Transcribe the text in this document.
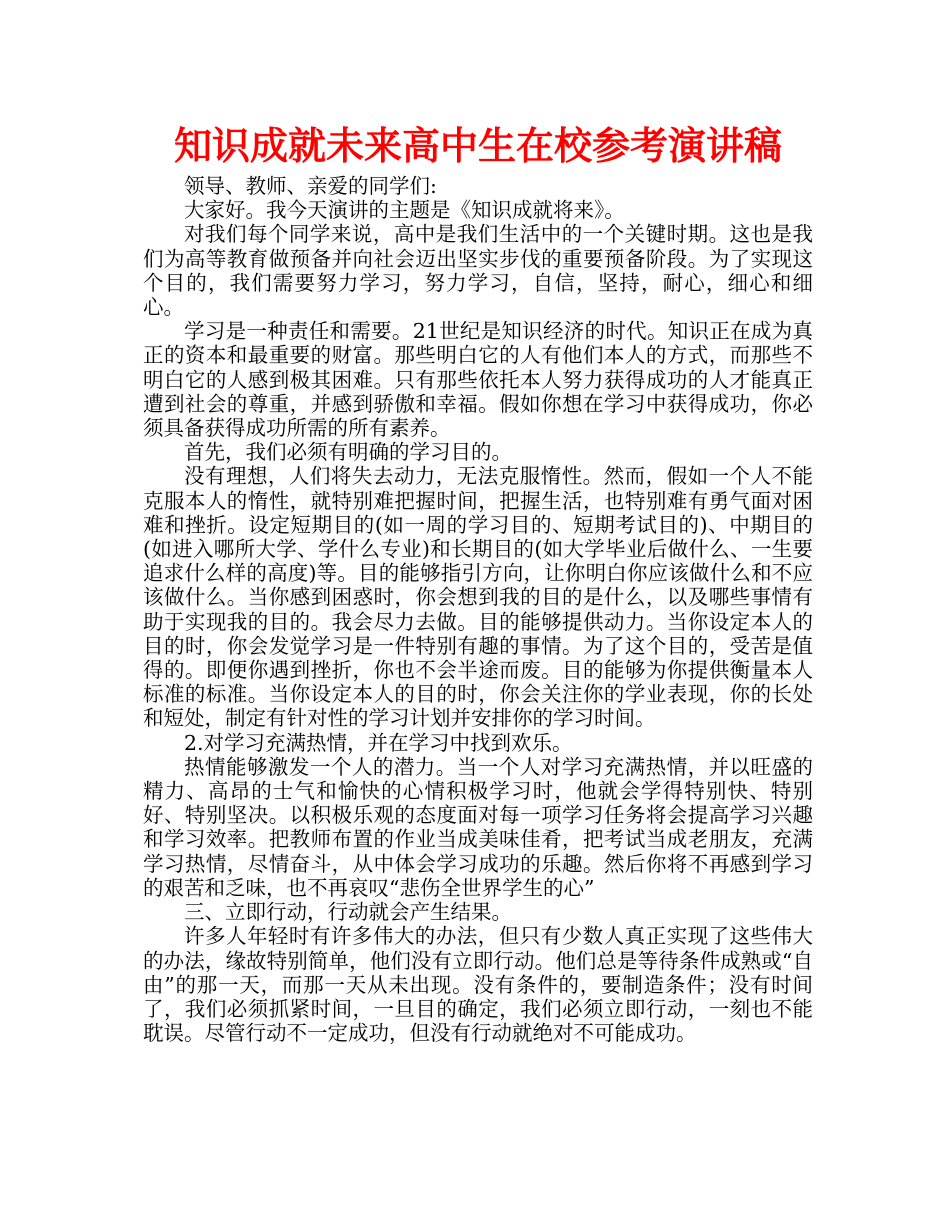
知识成就未来高中生在校参考演讲稿

领导、教师、亲爱的同学们:

大家好。我今天演讲的主题是《知识成就将来》。

对我们每个同学来说，高中是我们生活中的一个关键时期。这也是我们为高等教育做预备并向社会迈出坚实步伐的重要预备阶段。为了实现这个目的，我们需要努力学习，努力学习，自信，坚持，耐心，细心和细心。

学习是一种责任和需要。21世纪是知识经济的时代。知识正在成为真正的资本和最重要的财富。那些明白它的人有他们本人的方式，而那些不明白它的人感到极其困难。只有那些依托本人努力获得成功的人才能真正遭到社会的尊重，并感到骄傲和幸福。假如你想在学习中获得成功，你必须具备获得成功所需的所有素养。

首先，我们必须有明确的学习目的。

没有理想，人们将失去动力，无法克服惰性。然而，假如一个人不能克服本人的惰性，就特别难把握时间，把握生活，也特别难有勇气面对困难和挫折。设定短期目的(如一周的学习目的、短期考试目的)、中期目的(如进入哪所大学、学什么专业)和长期目的(如大学毕业后做什么、一生要追求什么样的高度)等。目的能够指引方向，让你明白你应该做什么和不应该做什么。当你感到困惑时，你会想到我的目的是什么，以及哪些事情有助于实现我的目的。我会尽力去做。目的能够提供动力。当你设定本人的目的时，你会发觉学习是一件特别有趣的事情。为了这个目的，受苦是值得的。即便你遇到挫折，你也不会半途而废。目的能够为你提供衡量本人标准的标准。当你设定本人的目的时，你会关注你的学业表现，你的长处和短处，制定有针对性的学习计划并安排你的学习时间。

2.对学习充满热情，并在学习中找到欢乐。

热情能够激发一个人的潜力。当一个人对学习充满热情，并以旺盛的精力、高昂的士气和愉快的心情积极学习时，他就会学得特别快、特别好、特别坚决。以积极乐观的态度面对每一项学习任务将会提高学习兴趣和学习效率。把教师布置的作业当成美味佳肴，把考试当成老朋友，充满学习热情，尽情奋斗，从中体会学习成功的乐趣。然后你将不再感到学习的艰苦和乏味，也不再哀叹“悲伤全世界学生的心”

三、立即行动，行动就会产生结果。

许多人年轻时有许多伟大的办法，但只有少数人真正实现了这些伟大的办法，缘故特别简单，他们没有立即行动。他们总是等待条件成熟或“自由”的那一天，而那一天从未出现。没有条件的，要制造条件；没有时间了，我们必须抓紧时间，一旦目的确定，我们必须立即行动，一刻也不能耽误。尽管行动不一定成功，但没有行动就绝对不可能成功。
